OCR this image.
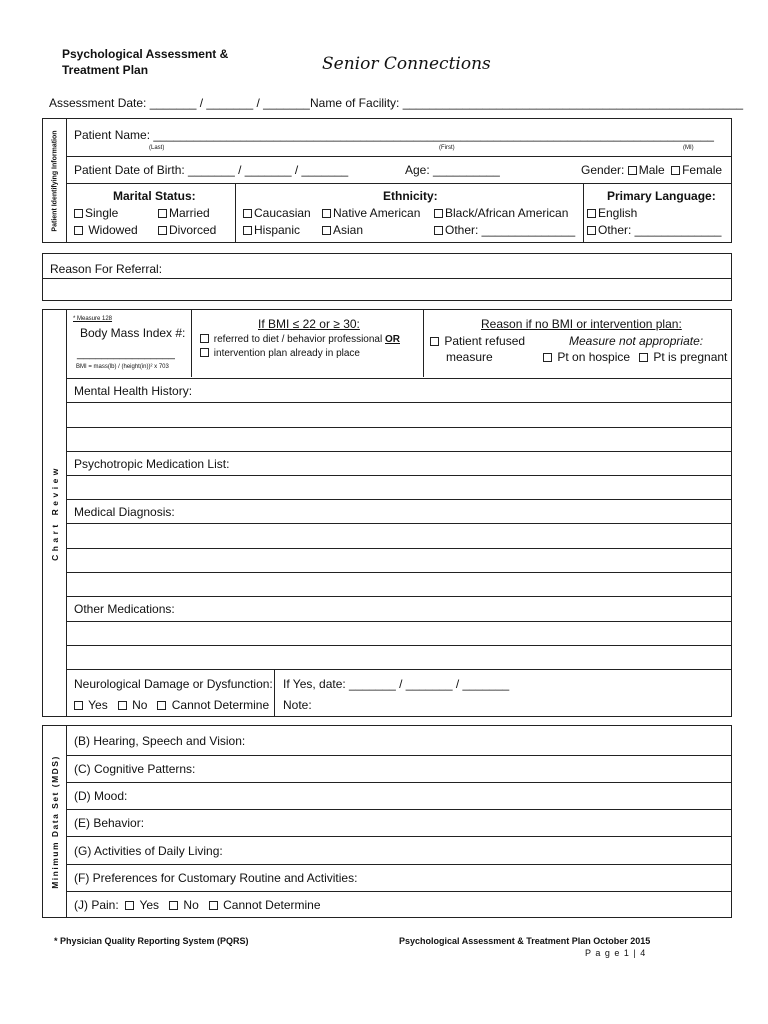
Psychological Assessment &
Treatment Plan	Senior Connections
Assessment Date: _______ / _______ / _______ Name of Facility: ___________________________________________________
Patient Identifying Information Patient Name: ____________________________________________________________________________________
(Last)	(First)	(MI)
Patient Date of Birth: _______ / _______ / _______	Age: __________	Gender: Male Female
Marital Status:
Single	Married
Widowed	Divorced
Ethnicity:
Caucasian	Native American	Black/African American
Hispanic	Asian	Other: ______________
Primary Language:
English
Other: _____________
Reason For Referral:
Chart Review
* Measure 128
Body Mass Index #:
________________
BMI = mass(lb) / (height(in))² x 703
If BMI ≤ 22 or ≥ 30:
referred to diet / behavior professional OR
intervention plan already in place
Reason if no BMI or intervention plan:
Patient refused
measure
Measure not appropriate:
Pt on hospice	Pt is pregnant
Mental Health History:
Psychotropic Medication List:
Medical Diagnosis:
Other Medications:
Neurological Damage or Dysfunction:
Yes No Cannot Determine
If Yes, date: _______ / _______ / _______
Note:
Minimum Data Set (MDS)
(B) Hearing, Speech and Vision:
(C) Cognitive Patterns:
(D) Mood:
(E) Behavior:
(G) Activities of Daily Living:
(F) Preferences for Customary Routine and Activities:
(J) Pain: Yes No Cannot Determine
* Physician Quality Reporting System (PQRS)	Psychological Assessment & Treatment Plan October 2015
P a g e 1 | 4
